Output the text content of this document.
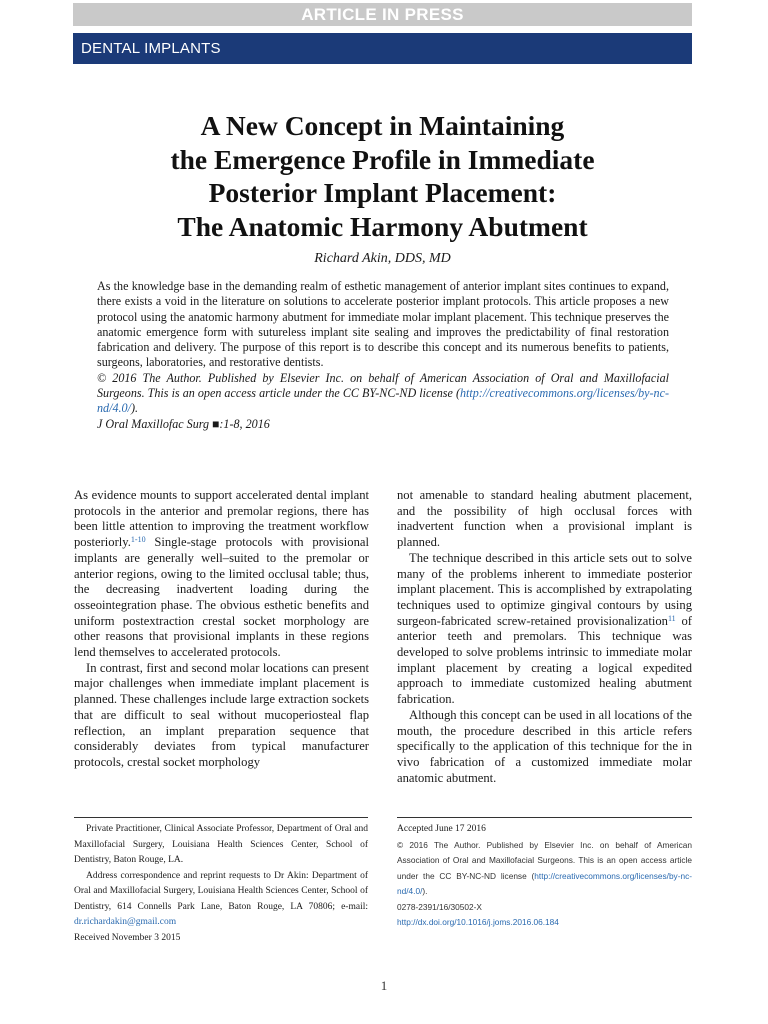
ARTICLE IN PRESS
DENTAL IMPLANTS
A New Concept in Maintaining
the Emergence Profile in Immediate
Posterior Implant Placement:
The Anatomic Harmony Abutment
Richard Akin, DDS, MD

As the knowledge base in the demanding realm of esthetic management of anterior implant sites continues to expand, there exists a void in the literature on solutions to accelerate posterior implant protocols. This article proposes a new protocol using the anatomic harmony abutment for immediate molar implant placement. This technique preserves the anatomic emergence form with sutureless implant site sealing and improves the predictability of final restoration fabrication and delivery. The purpose of this report is to describe this concept and its numerous benefits to patients, surgeons, laboratories, and restorative dentists.

© 2016 The Author. Published by Elsevier Inc. on behalf of American Association of Oral and Maxillofacial Surgeons. This is an open access article under the CC BY-NC-ND license (http://creativecommons.org/licenses/by-nc-nd/4.0/).

J Oral Maxillofac Surg ■:1-8, 2016

As evidence mounts to support accelerated dental implant protocols in the anterior and premolar regions, there has been little attention to improving the treatment workflow posteriorly.$^{1-10}$ Single-stage protocols with provisional implants are generally well–suited to the premolar or anterior regions, owing to the limited occlusal table; thus, the decreasing inadvertent loading during the osseointegration phase. The obvious esthetic benefits and uniform postextraction crestal socket morphology are other reasons that provisional implants in these regions lend themselves to accelerated protocols.

In contrast, first and second molar locations can present major challenges when immediate implant placement is planned. These challenges include large extraction sockets that are difficult to seal without mucoperiosteal flap reflection, an implant preparation sequence that considerably deviates from typical manufacturer protocols, crestal socket morphology

not amenable to standard healing abutment placement, and the possibility of high occlusal forces with inadvertent function when a provisional implant is planned.

The technique described in this article sets out to solve many of the problems inherent to immediate posterior implant placement. This is accomplished by extrapolating techniques used to optimize gingival contours by using surgeon-fabricated screw-retained provisionalization$^{11}$ of anterior teeth and premolars. This technique was developed to solve problems intrinsic to immediate molar implant placement by creating a logical expedited approach to immediate customized healing abutment fabrication.

Although this concept can be used in all locations of the mouth, the procedure described in this article refers specifically to the application of this technique for the in vivo fabrication of a customized immediate molar anatomic abutment.

Private Practitioner, Clinical Associate Professor, Department of Oral and Maxillofacial Surgery, Louisiana Health Sciences Center, School of Dentistry, Baton Rouge, LA.

Address correspondence and reprint requests to Dr Akin: Department of Oral and Maxillofacial Surgery, Louisiana Health Sciences Center, School of Dentistry, 614 Connells Park Lane, Baton Rouge, LA 70806; e-mail: dr.richardakin@gmail.com

Received November 3 2015

Accepted June 17 2016

© 2016 The Author. Published by Elsevier Inc. on behalf of American Association of Oral and Maxillofacial Surgeons. This is an open access article under the CC BY-NC-ND license (http://creativecommons.org/licenses/by-nc-nd/4.0/).

0278-2391/16/30502-X

http://dx.doi.org/10.1016/j.joms.2016.06.184

1
